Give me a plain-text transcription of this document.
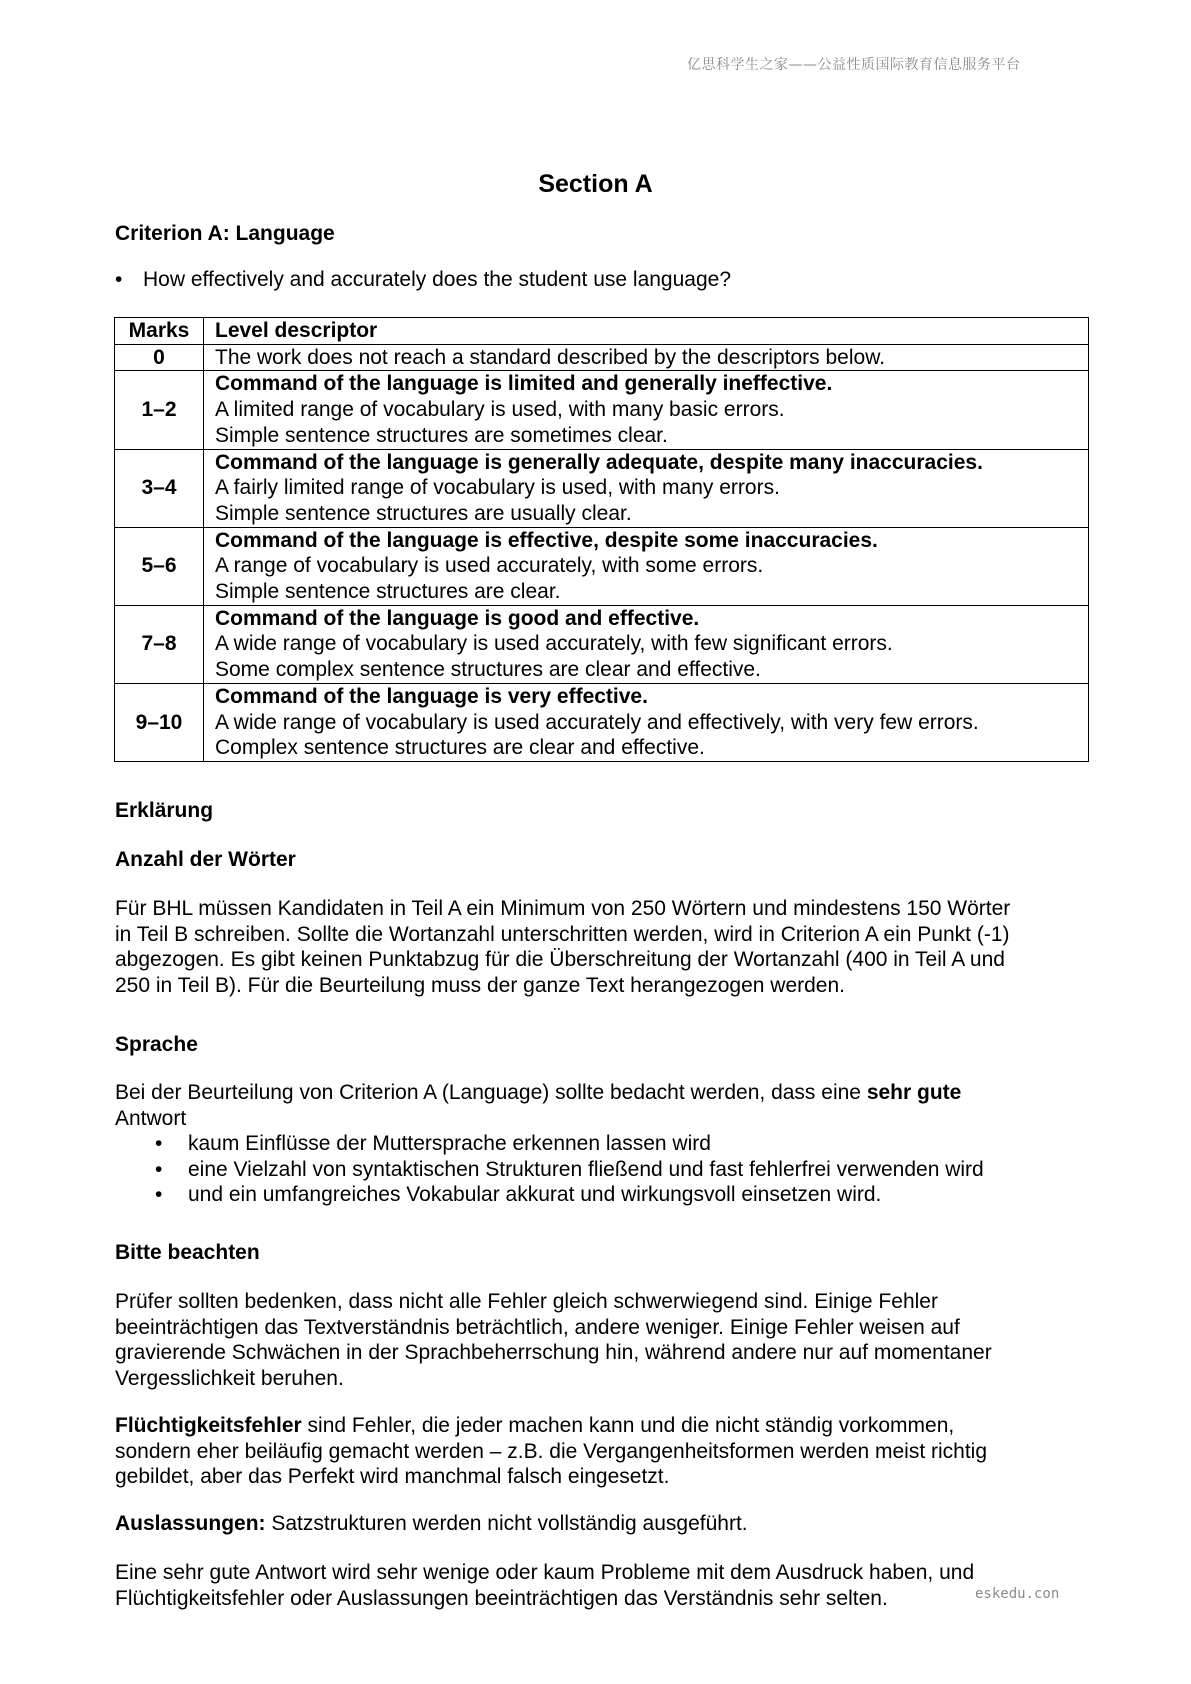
亿思科学生之家——公益性质国际教育信息服务平台
Section A
Criterion A: Language
• How effectively and accurately does the student use language?
Marks	Level descriptor
0	The work does not reach a standard described by the descriptors below.

1–2	Command of the language is limited and generally ineffective.
A limited range of vocabulary is used, with many basic errors.
Simple sentence structures are sometimes clear.

3–4	Command of the language is generally adequate, despite many inaccuracies.
A fairly limited range of vocabulary is used, with many errors.
Simple sentence structures are usually clear.

5–6	Command of the language is effective, despite some inaccuracies.
A range of vocabulary is used accurately, with some errors.
Simple sentence structures are clear.

7–8	Command of the language is good and effective.
A wide range of vocabulary is used accurately, with few significant errors.
Some complex sentence structures are clear and effective.

9–10	Command of the language is very effective.
A wide range of vocabulary is used accurately and effectively, with very few errors.
Complex sentence structures are clear and effective.
Erklärung
Anzahl der Wörter
Für BHL müssen Kandidaten in Teil A ein Minimum von 250 Wörtern und mindestens 150 Wörter
in Teil B schreiben. Sollte die Wortanzahl unterschritten werden, wird in Criterion A ein Punkt (-1)
abgezogen. Es gibt keinen Punktabzug für die Überschreitung der Wortanzahl (400 in Teil A und
250 in Teil B). Für die Beurteilung muss der ganze Text herangezogen werden.
Sprache
Bei der Beurteilung von Criterion A (Language) sollte bedacht werden, dass eine sehr gute
Antwort
• kaum Einflüsse der Muttersprache erkennen lassen wird
• eine Vielzahl von syntaktischen Strukturen fließend und fast fehlerfrei verwenden wird
• und ein umfangreiches Vokabular akkurat und wirkungsvoll einsetzen wird.
Bitte beachten
Prüfer sollten bedenken, dass nicht alle Fehler gleich schwerwiegend sind. Einige Fehler
beeinträchtigen das Textverständnis beträchtlich, andere weniger. Einige Fehler weisen auf
gravierende Schwächen in der Sprachbeherrschung hin, während andere nur auf momentaner
Vergesslichkeit beruhen.
Flüchtigkeitsfehler sind Fehler, die jeder machen kann und die nicht ständig vorkommen,
sondern eher beiläufig gemacht werden – z.B. die Vergangenheitsformen werden meist richtig
gebildet, aber das Perfekt wird manchmal falsch eingesetzt.
Auslassungen: Satzstrukturen werden nicht vollständig ausgeführt.
Eine sehr gute Antwort wird sehr wenige oder kaum Probleme mit dem Ausdruck haben, und
Flüchtigkeitsfehler oder Auslassungen beeinträchtigen das Verständnis sehr selten.	eskedu.con
